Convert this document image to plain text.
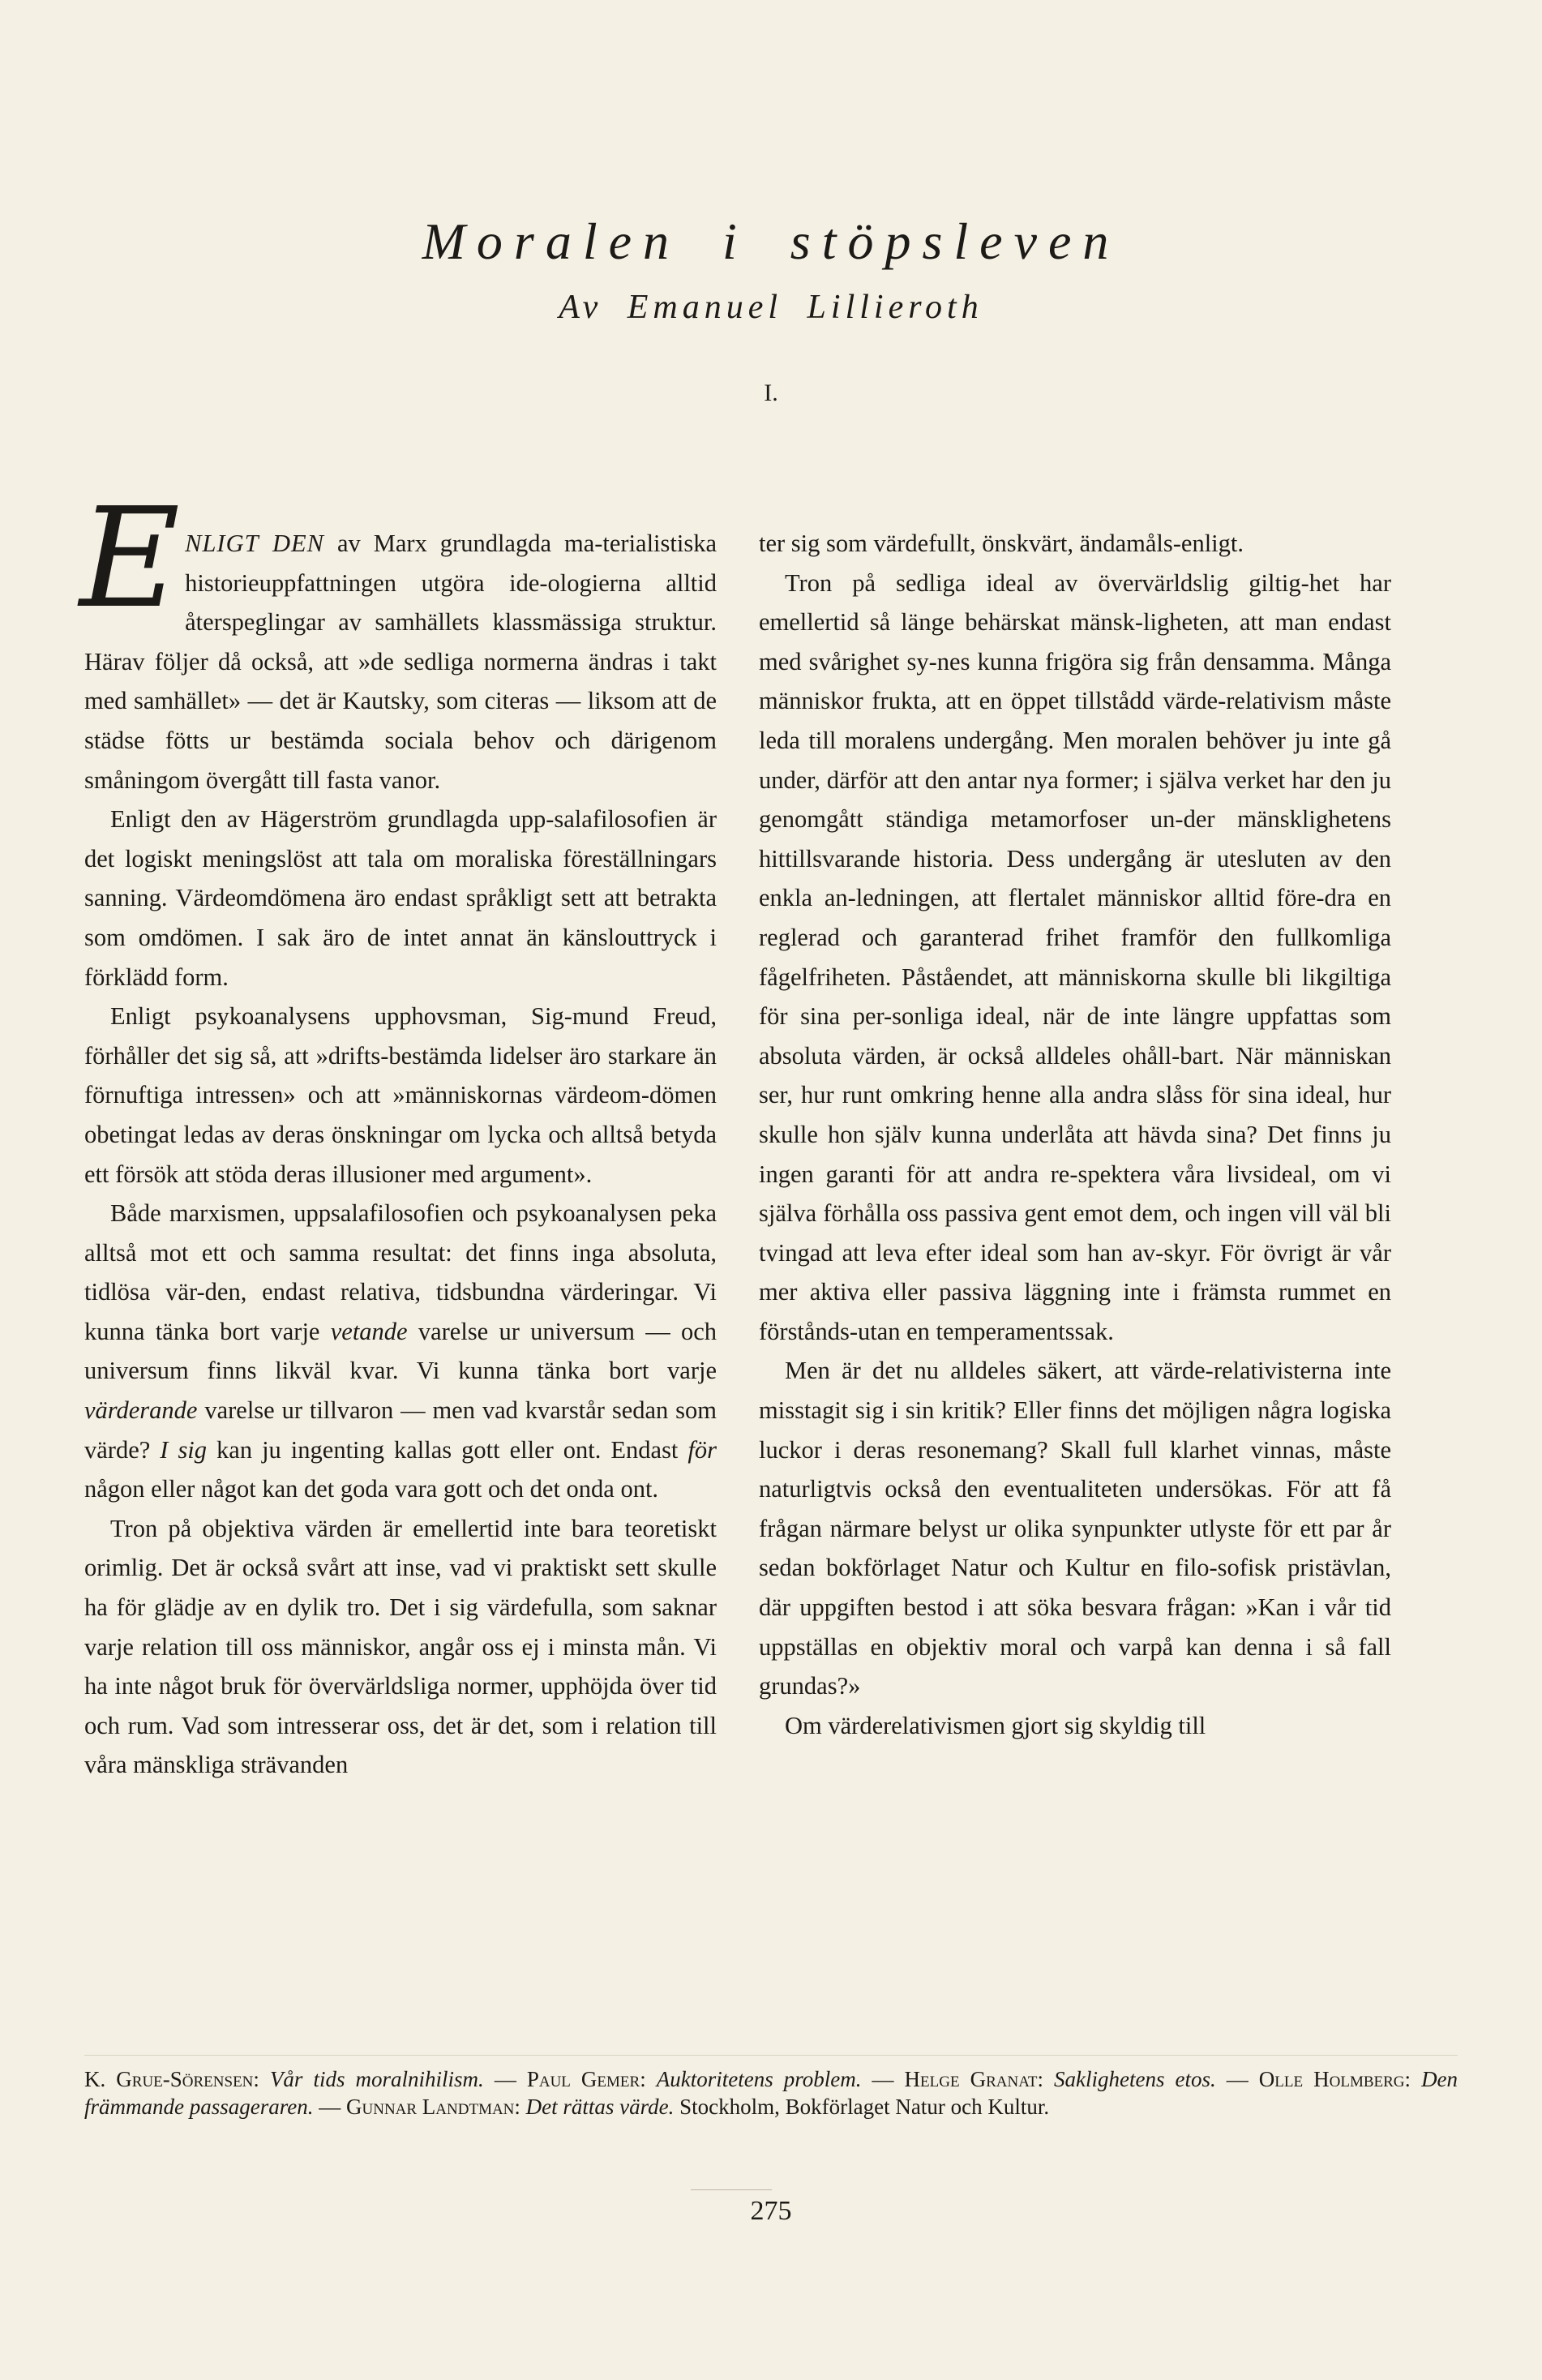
Moralen i stöpsleven
Av Emanuel Lillieroth
I.

ENLIGT DEN av Marx grundlagda ma-terialistiska historieuppfattningen utgöra ide-ologierna alltid återspeglingar av samhällets klassmässiga struktur. Härav följer då också, att »de sedliga normerna ändras i takt med samhället» — det är Kautsky, som citeras — liksom att de städse fötts ur bestämda sociala behov och därigenom småningom övergått till fasta vanor.

Enligt den av Hägerström grundlagda upp-salafilosofien är det logiskt meningslöst att tala om moraliska föreställningars sanning. Värdeomdömena äro endast språkligt sett att betrakta som omdömen. I sak äro de intet annat än känslouttryck i förklädd form.

Enligt psykoanalysens upphovsman, Sig-mund Freud, förhåller det sig så, att »drifts-bestämda lidelser äro starkare än förnuftiga intressen» och att »människornas värdeom-dömen obetingat ledas av deras önskningar om lycka och alltså betyda ett försök att stöda deras illusioner med argument».

Både marxismen, uppsalafilosofien och psykoanalysen peka alltså mot ett och samma resultat: det finns inga absoluta, tidlösa vär-den, endast relativa, tidsbundna värderingar. Vi kunna tänka bort varje vetande varelse ur universum — och universum finns likväl kvar. Vi kunna tänka bort varje värderande varelse ur tillvaron — men vad kvarstår sedan som värde? I sig kan ju ingenting kallas gott eller ont. Endast för någon eller något kan det goda vara gott och det onda ont.

Tron på objektiva värden är emellertid inte bara teoretiskt orimlig. Det är också svårt att inse, vad vi praktiskt sett skulle ha för glädje av en dylik tro. Det i sig värdefulla, som saknar varje relation till oss människor, angår oss ej i minsta mån. Vi ha inte något bruk för övervärldsliga normer, upphöjda över tid och rum. Vad som intresserar oss, det är det, som i relation till våra mänskliga strävanden

ter sig som värdefullt, önskvärt, ändamåls-enligt.

Tron på sedliga ideal av övervärldslig giltig-het har emellertid så länge behärskat mänsk-ligheten, att man endast med svårighet sy-nes kunna frigöra sig från densamma. Många människor frukta, att en öppet tillstådd värde-relativism måste leda till moralens undergång. Men moralen behöver ju inte gå under, därför att den antar nya former; i själva verket har den ju genomgått ständiga metamorfoser un-der mänsklighetens hittillsvarande historia. Dess undergång är utesluten av den enkla an-ledningen, att flertalet människor alltid före-dra en reglerad och garanterad frihet framför den fullkomliga fågelfriheten. Påståendet, att människorna skulle bli likgiltiga för sina per-sonliga ideal, när de inte längre uppfattas som absoluta värden, är också alldeles ohåll-bart. När människan ser, hur runt omkring henne alla andra slåss för sina ideal, hur skulle hon själv kunna underlåta att hävda sina? Det finns ju ingen garanti för att andra re-spektera våra livsideal, om vi själva förhålla oss passiva gent emot dem, och ingen vill väl bli tvingad att leva efter ideal som han av-skyr. För övrigt är vår mer aktiva eller passiva läggning inte i främsta rummet en förstånds-utan en temperamentssak.

Men är det nu alldeles säkert, att värde-relativisterna inte misstagit sig i sin kritik? Eller finns det möjligen några logiska luckor i deras resonemang? Skall full klarhet vinnas, måste naturligtvis också den eventualiteten undersökas. För att få frågan närmare belyst ur olika synpunkter utlyste för ett par år sedan bokförlaget Natur och Kultur en filo-sofisk pristävlan, där uppgiften bestod i att söka besvara frågan: »Kan i vår tid uppställas en objektiv moral och varpå kan denna i så fall grundas?»

Om värderelativismen gjort sig skyldig till

K. Grue-Sörensen: Vår tids moralnihilism. — Paul Gemer: Auktoritetens problem. — Helge Granat: Saklighetens etos. — Olle Holmberg: Den främmande passageraren. — Gunnar Landtman: Det rättas värde. Stockholm, Bokförlaget Natur och Kultur.
275
